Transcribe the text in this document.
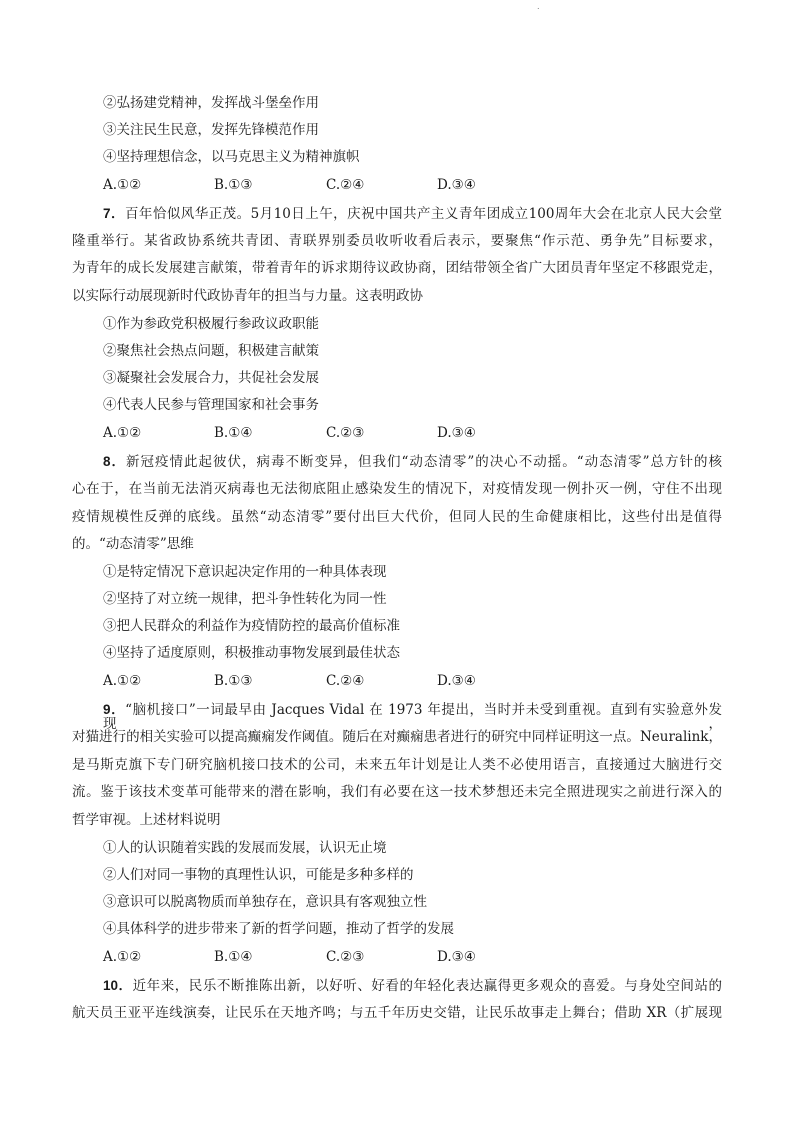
.
②弘扬建党精神，发挥战斗堡垒作用
③关注民生民意，发挥先锋模范作用
④坚持理想信念，以马克思主义为精神旗帜
A.①②	B.①③	C.②④	D.③④
7．百年恰似风华正茂。5月10日上午，庆祝中国共产主义青年团成立100周年大会在北京人民大会堂
隆重举行。某省政协系统共青团、青联界别委员收听收看后表示，要聚焦“作示范、勇争先”目标要求，
为青年的成长发展建言献策，带着青年的诉求期待议政协商，团结带领全省广大团员青年坚定不移跟党走，
以实际行动展现新时代政协青年的担当与力量。这表明政协
①作为参政党积极履行参政议政职能
②聚焦社会热点问题，积极建言献策
③凝聚社会发展合力，共促社会发展
④代表人民参与管理国家和社会事务
A.①②	B.①④	C.②③	D.③④
8．新冠疫情此起彼伏，病毒不断变异，但我们“动态清零”的决心不动摇。“动态清零”总方针的核
心在于，在当前无法消灭病毒也无法彻底阻止感染发生的情况下，对疫情发现一例扑灭一例，守住不出现
疫情规模性反弹的底线。虽然“动态清零”要付出巨大代价，但同人民的生命健康相比，这些付出是值得
的。“动态清零”思维
①是特定情况下意识起决定作用的一种具体表现
②坚持了对立统一规律，把斗争性转化为同一性
③把人民群众的利益作为疫情防控的最高价值标准
④坚持了适度原则，积极推动事物发展到最佳状态
A.①②	B.①③	C.②④	D.③④
9．“脑机接口”一词最早由 Jacques Vidal 在 1973 年提出，当时并未受到重视。直到有实验意外发现，
对猫进行的相关实验可以提高癫痫发作阈值。随后在对癫痫患者进行的研究中同样证明这一点。Neuralink，
是马斯克旗下专门研究脑机接口技术的公司，未来五年计划是让人类不必使用语言，直接通过大脑进行交
流。鉴于该技术变革可能带来的潜在影响，我们有必要在这一技术梦想还未完全照进现实之前进行深入的
哲学审视。上述材料说明
①人的认识随着实践的发展而发展，认识无止境
②人们对同一事物的真理性认识，可能是多种多样的
③意识可以脱离物质而单独存在，意识具有客观独立性
④具体科学的进步带来了新的哲学问题，推动了哲学的发展
A.①②	B.①④	C.②③	D.③④
10．近年来，民乐不断推陈出新，以好听、好看的年轻化表达赢得更多观众的喜爱。与身处空间站的
航天员王亚平连线演奏，让民乐在天地齐鸣；与五千年历史交错，让民乐故事走上舞台；借助 XR（扩展现
